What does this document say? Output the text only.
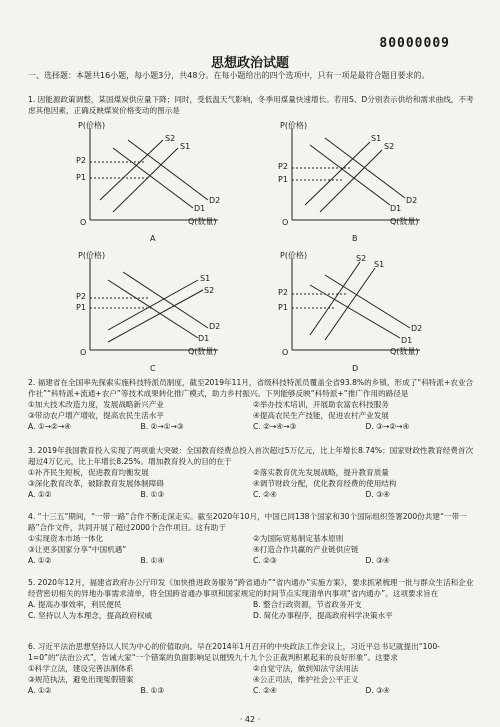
80000009
思想政治试题
一、选择题：本题共16小题，每小题3分，共48分。在每小题给出的四个选项中，只有一项是最符合题目要求的。

1. 因能源政策调整，某国煤炭供应量下降；同时，受低温天气影响，冬季用煤量快速增长。若用S、D分别表示供给和需求曲线，不考虑其他因素，正确反映煤炭价格变动的图示是

P(价格)
Q(数量)
O
P2
P1
S2
S1
D1
D2
A
P(价格)
Q(数量)
O
P2
P1
S1
S2
D1
D2
B
P(价格)
Q(数量)
O
P2
P1
S1
S2
D1
D2
C
P(价格)
Q(数量)
O
P2
P1
S2
S1
D1
D2
D

2. 福建省在全国率先探索实施科技特派员制度，截至2019年11月，省级科技特派员覆盖全省93.8%的乡镇，形成了“科特派+农业合作社”“科特派+流通+农户”等技术成果转化推广模式，助力乡村振兴。下列能够反映“科特派+”推广作用的路径是

①加大技术改造力度，发展战略新兴产业	②举办技术培训，开展助农富农科技服务
③带动农户增产增收，提高农民生活水平	④提高农民生产技能，促进农村产业发展
A. ①→②→④	B. ②→①→③	C. ②→④→③	D. ③→②→④

3. 2019年我国教育投入实现了两项重大突破：全国教育经费总投入首次超过5万亿元，比上年增长8.74%；国家财政性教育经费首次超过4万亿元，比上年增长8.25%。增加教育投入的目的在于

①补齐民生短板，促进教育均衡发展	②落实教育优先发展战略，提升教育质量
③深化教育改革，破除教育发展体制障碍	④调节财政分配，优化教育经费的使用结构
A. ①②	B. ①③	C. ②④	D. ③④

4. “十三五”期间，“一带一路”合作不断走深走实。截至2020年10月，中国已同138个国家和30个国际组织签署200份共建“一带一路”合作文件，共同开展了超过2000个合作项目。这有助于

①实现资本市场一体化	②为国际贸易制定基本原则
③让更多国家分享“中国机遇”	④打造合作共赢的产业链供应链
A. ①②	B. ①④	C. ②③	D. ③④

5. 2020年12月，福建省政府办公厅印发《加快推进政务服务“跨省通办”“省内通办”实施方案》，要求抓紧梳理一批与群众生活和企业经营密切相关的异地办事需求清单，将全国跨省通办事项和国家规定的时间节点实现清单内事项“省内通办”。这项要求旨在

A. 提高办事效率，利民便民	B. 整合行政资源，节省政务开支
C. 坚持以人为本理念，提高政府权威	D. 简化办事程序，提高政府科学决策水平

6. 习近平法治思想坚持以人民为中心的价值取向。早在2014年1月召开的中央政法工作会议上，习近平总书记就提出“100-1=0”的“法治公式”，告诫大家“一个错案的负面影响足以摧毁九十九个公正裁判积累起来的良好形象”。这要求

①科学立法，建设完善法制体系	②自觉守法，做到知法守法用法
③规范执法，避免出现冤假错案	④公正司法，维护社会公平正义
A. ①②	B. ①③	C. ②④	D. ③④
· 42 ·
